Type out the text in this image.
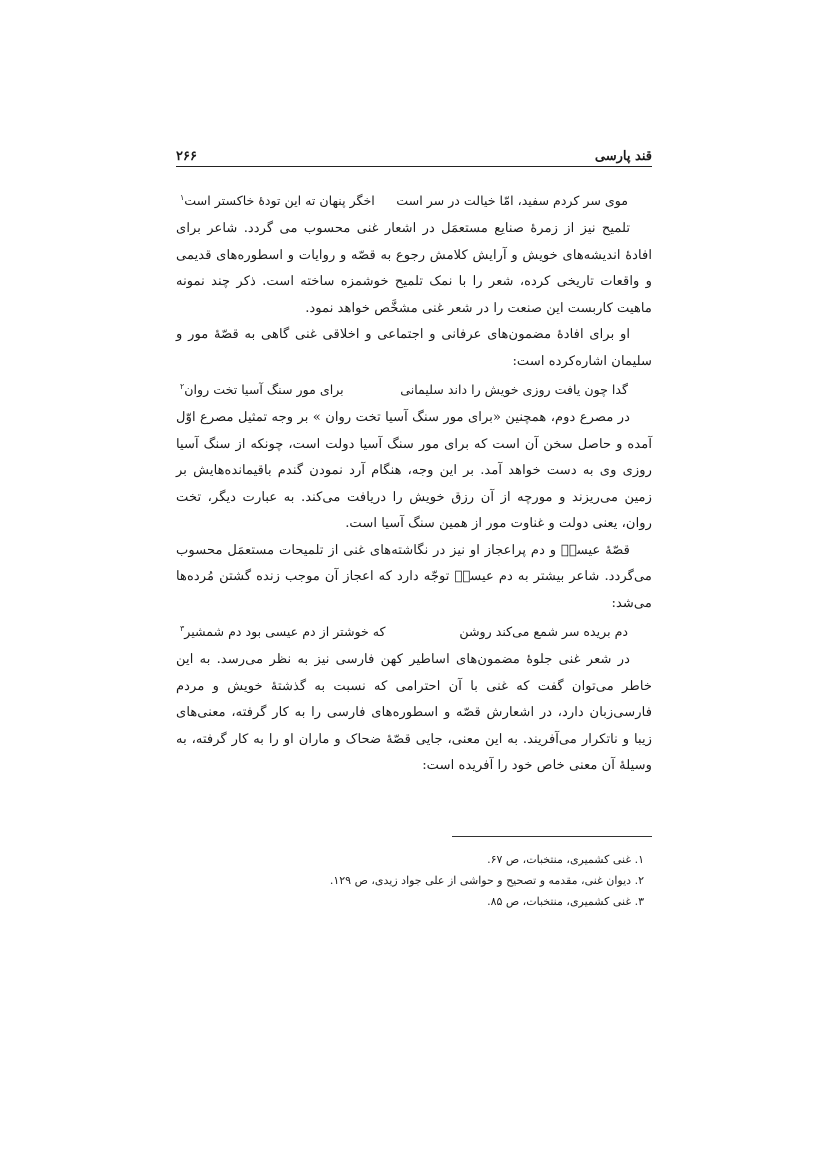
قند پارسی
۲۶۶
موی سر کردم سفید، امّا خیالت در سر است
اخگر پنهان ته این تودهٔ خاکستر است$^۱$

تلمیح نیز از زمرهٔ صنایع مستعمَل در اشعار غنی محسوب می گردد. شاعر برای افادهٔ اندیشه‌های خویش و آرایش کلامش رجوع به قصّه و روایات و اسطوره‌های قدیمی و واقعات تاریخی کرده، شعر را با نمک تلمیح خوشمزه ساخته است. ذکر چند نمونه ماهیت کاربست این صنعت را در شعر غنی مشخَّص خواهد نمود.

او برای افادهٔ مضمون‌های عرفانی و اجتماعی و اخلاقی غنی گاهی به قصّهٔ مور و سلیمان اشاره‌کرده است:

گدا چون یافت روزی خویش را داند سلیمانی
برای مور سنگ آسیا تخت روان$^۲$

در مصرع دوم، همچنین «برای مور سنگ آسیا تخت روان » بر وجه تمثیل مصرع اوّل آمده و حاصل سخن آن است که برای مور سنگ آسیا دولت است، چونکه از سنگ آسیا روزی وی به دست خواهد آمد. بر این وجه، هنگام آرد نمودن گندم باقیمانده‌هایش بر زمین می‌ریزند و مورچه از آن رزق خویش را دریافت می‌کند. به عبارت دیگر، تخت روان، یعنی دولت و غناوت مور از همین سنگ آسیا است.

قصّهٔ عیسیؑ و دم پراعجاز او نیز در نگاشته‌های غنی از تلمیحات مستعمَل محسوب می‌گردد. شاعر بیشتر به دم عیسیؑ توجّه دارد که اعجاز آن موجب زنده گشتن مُرده‌ها می‌شد:

دم بریده سر شمع می‌کند روشن
که خوشتر از دم عیسی بود دم شمشیر$^۳$

در شعر غنی جلوهٔ مضمون‌های اساطیر کهن فارسی نیز به نظر می‌رسد. به این خاطر می‌توان گفت که غنی با آن احترامی که نسبت به گذشتهٔ خویش و مردم فارسی‌زبان دارد، در اشعارش قصّه و اسطوره‌های فارسی را به کار گرفته، معنی‌های زیبا و ناتکرار می‌آفریند. به این معنی، جایی قصّهٔ ضحاک و ماران او را به کار گرفته، به وسیلهٔ آن معنی خاص خود را آفریده است:

۱. غنی کشمیری، منتخبات، ص ۶۷.

۲. دیوان غنی، مقدمه و تصحیح و حواشی از علی جواد زیدی، ص ۱۲۹.

۳. غنی کشمیری، منتخبات، ص ۸۵.
